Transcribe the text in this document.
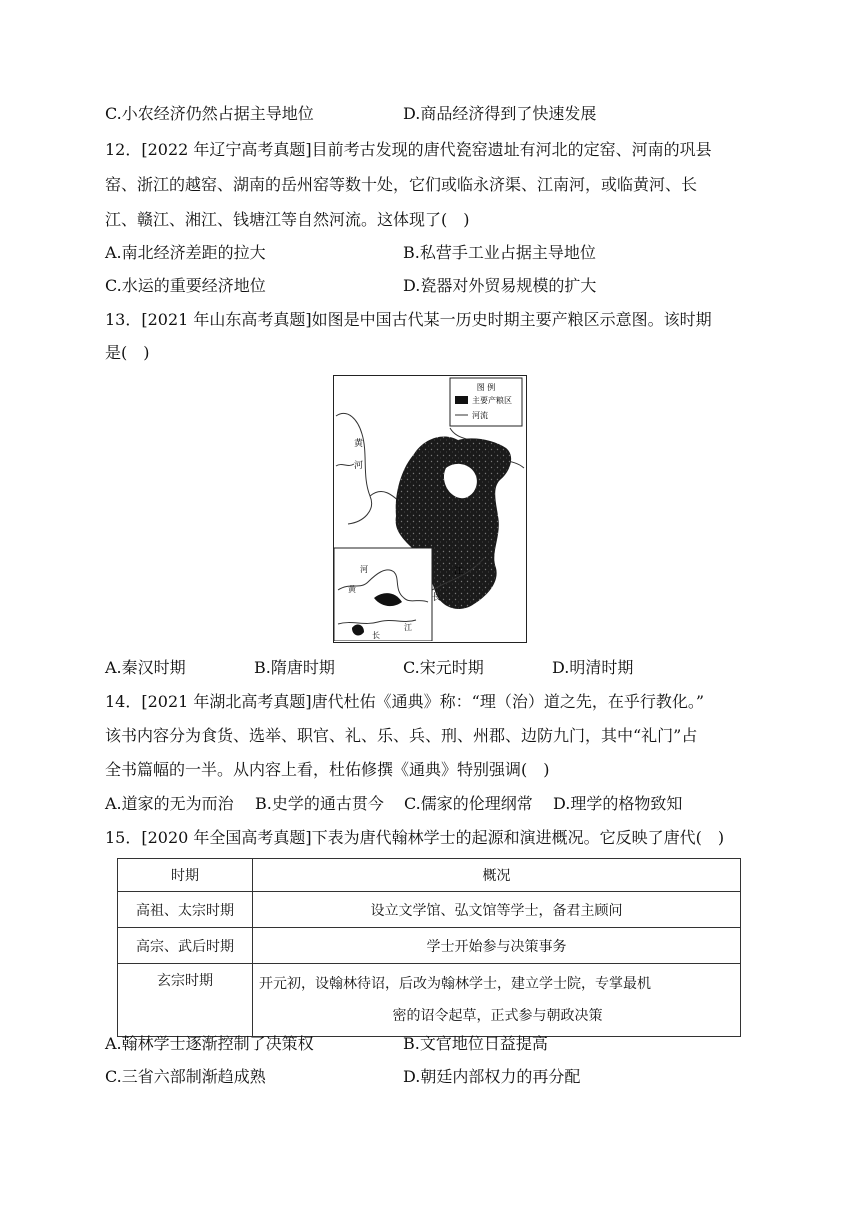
C.小农经济仍然占据主导地位	D.商品经济得到了快速发展
12．[2022 年辽宁高考真题]目前考古发现的唐代瓷窑遗址有河北的定窑、河南的巩县
窑、浙江的越窑、湖南的岳州窑等数十处，它们或临永济渠、江南河，或临黄河、长
江、赣江、湘江、钱塘江等自然河流。这体现了(　)
A.南北经济差距的拉大	B.私营手工业占据主导地位
C.水运的重要经济地位	D.瓷器对外贸易规模的扩大
13．[2021 年山东高考真题]如图是中国古代某一历史时期主要产粮区示意图。该时期
是(　)
图 例
主要产粮区
河流
黄
河
江
长
河
黄
长
江
A.秦汉时期	B.隋唐时期	C.宋元时期	D.明清时期
14．[2021 年湖北高考真题]唐代杜佑《通典》称：“理（治）道之先，在乎行教化。”
该书内容分为食货、选举、职官、礼、乐、兵、刑、州郡、边防九门，其中“礼门”占
全书篇幅的一半。从内容上看，杜佑修撰《通典》特别强调(　)
A.道家的无为而治 B.史学的通古贯今 C.儒家的伦理纲常 D.理学的格物致知
15．[2020 年全国高考真题]下表为唐代翰林学士的起源和演进概况。它反映了唐代(　)
时期	概况
高祖、太宗时期	设立文学馆、弘文馆等学士，备君主顾问
高宗、武后时期	学士开始参与决策事务
玄宗时期	开元初，设翰林待诏，后改为翰林学士，建立学士院，专掌最机
密的诏令起草，正式参与朝政决策
A.翰林学士逐渐控制了决策权	B.文官地位日益提高
C.三省六部制渐趋成熟	D.朝廷内部权力的再分配
